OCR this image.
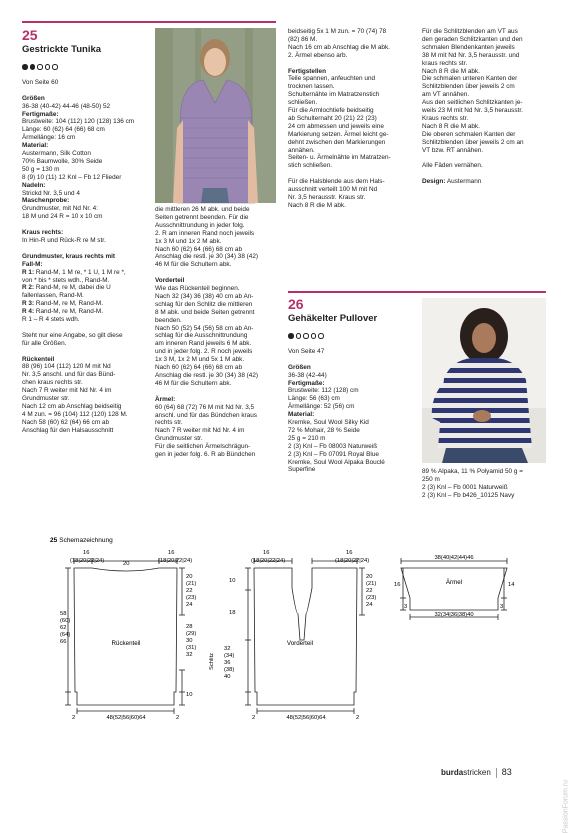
25
Gestrickte Tunika
Von Seite 60
Größen
36-38 (40-42) 44-46 (48-50) 52
Fertigmaße:
Brustweite: 104 (112) 120 (128) 136 cm
Länge: 60 (62) 64 (66) 68 cm
Ärmellänge: 16 cm
Material:
Austermann, Silk Cotton
70% Baumwolle, 30% Seide
50 g = 130 m
8 (9) 10 (11) 12 Knl – Fb 12 Flieder
Nadeln:
Strickd Nr. 3,5 und 4
Maschenprobe:
Grundmuster, mit Nd Nr. 4:
18 M und 24 R = 10 x 10 cm
Kraus rechts:
In Hin-R und Rück-R re M str.
Grundmuster, kraus rechts mit
Fall-M:
R 1: Rand-M, 1 M re, * 1 U, 1 M re *,
von * bis * stets wdh., Rand-M.
R 2: Rand-M, re M, dabei die U
fallenlassen, Rand-M.
R 3: Rand-M, re M, Rand-M.
R 4: Rand-M, re M, Rand-M.
R 1 – R 4 stets wdh.
Steht nur eine Angabe, so gilt diese
für alle Größen.
Rückenteil
88 (96) 104 (112) 120 M mit Nd
Nr. 3,5 anschl. und für das Bünd-
chen kraus rechts str.
Nach 7 R weiter mit Nd Nr. 4 im
Grundmuster str.
Nach 12 cm ab Anschlag beidseitig
4 M zun. = 96 (104) 112 (120) 128 M.
Nach 58 (60) 62 (64) 66 cm ab
Anschlag für den Halsausschnitt
die mittleren 26 M abk. und beide
Seiten getrennt beenden. Für die
Ausschnittrundung in jeder folg.
2. R am inneren Rand noch jeweils
1x 3 M und 1x 2 M abk.
Nach 60 (62) 64 (66) 68 cm ab
Anschlag die restl. je 30 (34) 38 (42)
46 M für die Schultern abk.
Vorderteil
Wie das Rückenteil beginnen.
Nach 32 (34) 36 (38) 40 cm ab An-
schlag für den Schlitz die mittleren
8 M abk. und beide Seiten getrennt
beenden.
Nach 50 (52) 54 (56) 58 cm ab An-
schlag für die Ausschnittrundung
am inneren Rand jeweils 6 M abk.
und in jeder folg. 2. R noch jeweils
1x 3 M, 1x 2 M und 5x 1 M abk.
Nach 60 (62) 64 (66) 68 cm ab
Anschlag die restl. je 30 (34) 38 (42)
46 M für die Schultern abk.
Ärmel:
60 (64) 68 (72) 76 M mit Nd Nr. 3,5
anschl. und für das Bündchen kraus
rechts str.
Nach 7 R weiter mit Nd Nr. 4 im
Grundmuster str.
Für die seitlichen Ärmelschrägun-
gen in jeder folg. 6. R ab Bündchen
beidseitig 5x 1 M zun. = 70 (74) 78
(82) 86 M.
Nach 16 cm ab Anschlag die M abk.
2. Ärmel ebenso arb.
Fertigstellen
Teile spannen, anfeuchten und
trocknen lassen.
Schulternähte im Matratzenstich
schließen.
Für die Armlochtiefe beidseitig
ab Schulternaht 20 (21) 22 (23)
24 cm abmessen und jeweils eine
Markierung setzen. Ärmel leicht ge-
dehnt zwischen den Markierungen
annähen.
Seiten- u. Ärmelnähte im Matratzen-
stich schließen.
Für die Halsblende aus dem Hals-
ausschnitt verteilt 100 M mit Nd
Nr. 3,5 herausstr. Kraus str.
Nach 8 R die M abk.
Für die Schlitzblenden am VT aus
den geraden Schlitzkanten und den
schmalen Blendenkanten jeweils
38 M mit Nd Nr. 3,5 herausstr. und
kraus rechts str.
Nach 8 R die M abk.
Die schmalen unteren Kanten der
Schlitzblenden über jeweils 2 cm
am VT annähen.
Aus den seitlichen Schlitzkanten je-
weils 23 M mit Nd Nr. 3,5 herausstr.
Kraus rechts str.
Nach 8 R die M abk.
Die oberen schmalen Kanten der
Schlitzblenden über jeweils 2 cm an
VT bzw. RT annähen.
Alle Fäden vernähen.
Design: Austermann
26
Gehäkelter Pullover
Von Seite 47
Größen
36-38 (42-44)
Fertigmaße:
Brustweite: 112 (128) cm
Länge: 56 (63) cm
Ärmellänge: 52 (56) cm
Material:
Kremke, Soul Wool Silky Kid
72 % Mohair, 28 % Seide
25 g = 210 m
2 (3) Knl – Fb 08003 Naturweiß
2 (3) Knl – Fb 07091 Royal Blue
Kremke, Soul Wool Alpaka Bouclé
Superfine	89 % Alpaka, 11 % Polyamid 50 g =
250 m
2 (3) Knl – Fb 0001 Naturweiß
2 (3) Knl – Fb b426_10125 Navy
25 Schemazeichnung
16
(18|20|22|24)	20
16
(18|20|22|24)
20
(21)
22
(23)
24
28
(29)
30
(31)
32
58
(60)
62
(64)
66
10
Rückenteil
48(52|56|60)64
2	2
Schlitz
16
(18|20|22|24)
16
(18|20|22|24)
10
18
32
(34)
36
(38)
40
20
(21)
22
(23)
24
Vorderteil
48(52|56|60)64
2	2
38(40|42|44)46
Ärmel
32(34|36|38)40
16	14
3	3
burdastricken 83
PassionForum.ru
